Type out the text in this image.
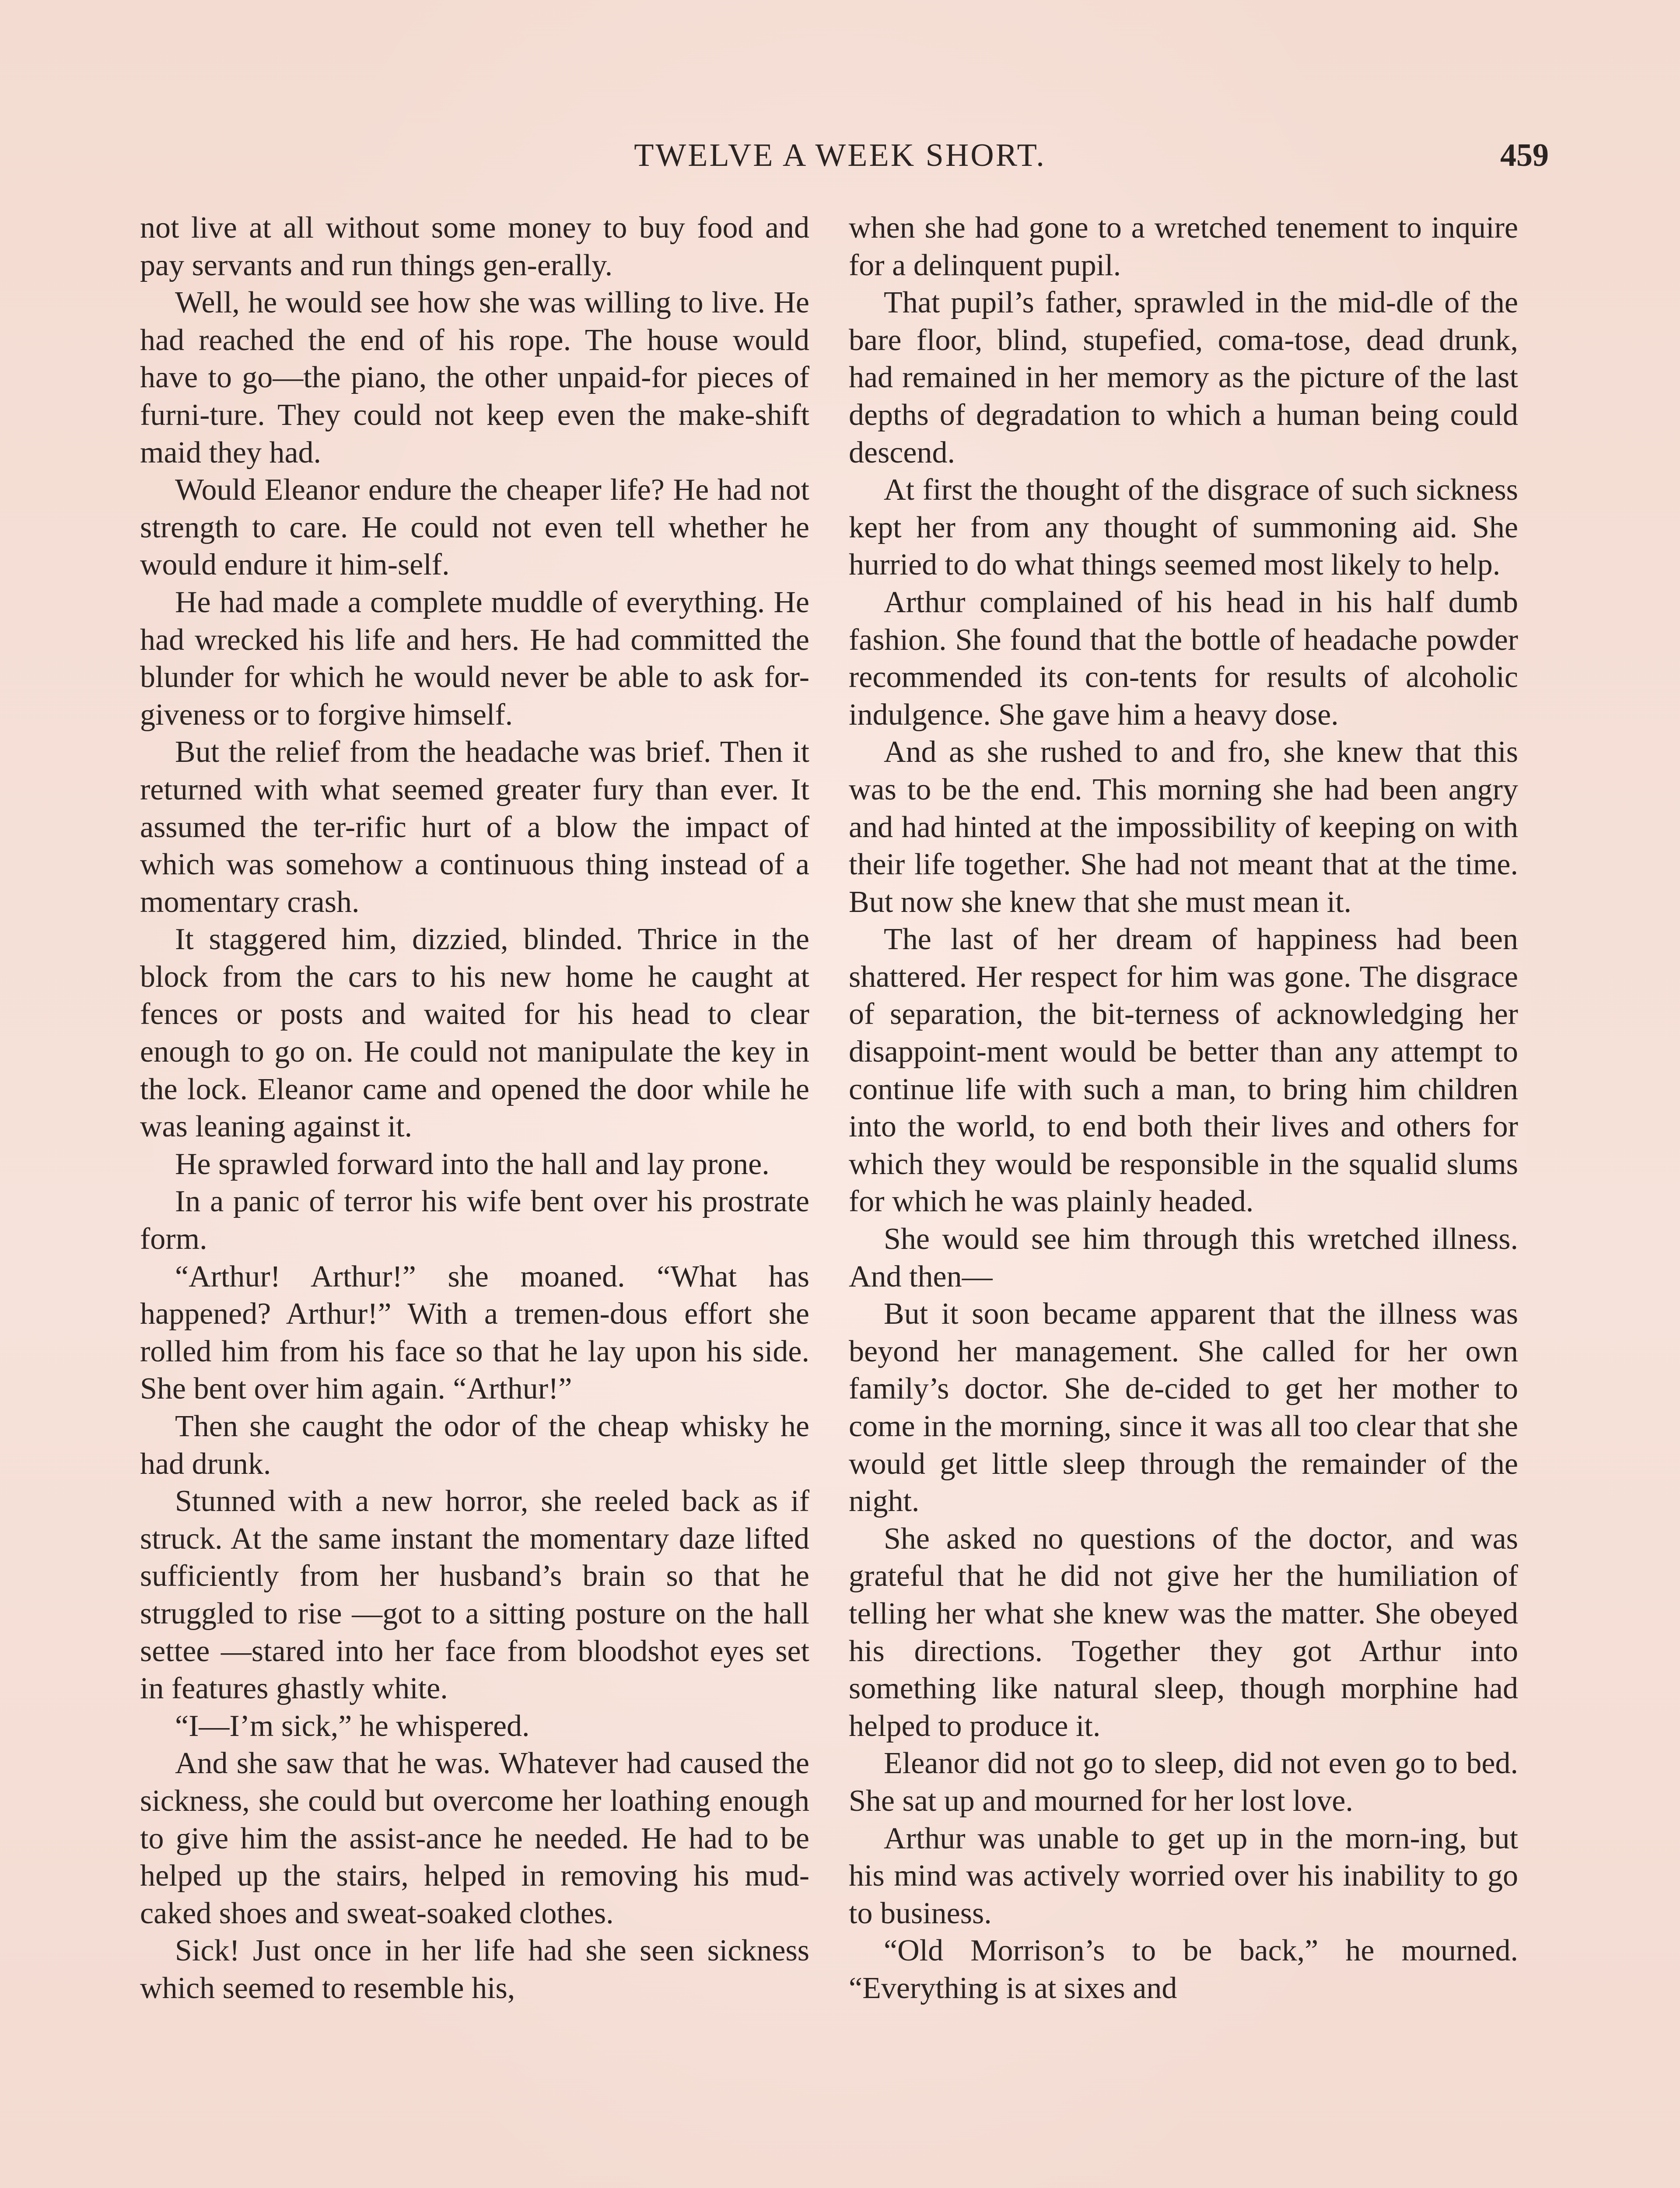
TWELVE A WEEK SHORT.	459

not live at all without some money to buy food and pay servants and run things gen-erally.

Well, he would see how she was willing to live. He had reached the end of his rope. The house would have to go—the piano, the other unpaid-for pieces of furni-ture. They could not keep even the make-shift maid they had.

Would Eleanor endure the cheaper life? He had not strength to care. He could not even tell whether he would endure it him-self.

He had made a complete muddle of everything. He had wrecked his life and hers. He had committed the blunder for which he would never be able to ask for-giveness or to forgive himself.

But the relief from the headache was brief. Then it returned with what seemed greater fury than ever. It assumed the ter-rific hurt of a blow the impact of which was somehow a continuous thing instead of a momentary crash.

It staggered him, dizzied, blinded. Thrice in the block from the cars to his new home he caught at fences or posts and waited for his head to clear enough to go on. He could not manipulate the key in the lock. Eleanor came and opened the door while he was leaning against it.

He sprawled forward into the hall and lay prone.

In a panic of terror his wife bent over his prostrate form.

“Arthur! Arthur!” she moaned. “What has happened? Arthur!” With a tremen-dous effort she rolled him from his face so that he lay upon his side. She bent over him again. “Arthur!”

Then she caught the odor of the cheap whisky he had drunk.

Stunned with a new horror, she reeled back as if struck. At the same instant the momentary daze lifted sufficiently from her husband’s brain so that he struggled to rise —got to a sitting posture on the hall settee —stared into her face from bloodshot eyes set in features ghastly white.

“I—I’m sick,” he whispered.

And she saw that he was. Whatever had caused the sickness, she could but overcome her loathing enough to give him the assist-ance he needed. He had to be helped up the stairs, helped in removing his mud-caked shoes and sweat-soaked clothes.

Sick! Just once in her life had she seen sickness which seemed to resemble his,

when she had gone to a wretched tenement to inquire for a delinquent pupil.

That pupil’s father, sprawled in the mid-dle of the bare floor, blind, stupefied, coma-tose, dead drunk, had remained in her memory as the picture of the last depths of degradation to which a human being could descend.

At first the thought of the disgrace of such sickness kept her from any thought of summoning aid. She hurried to do what things seemed most likely to help.

Arthur complained of his head in his half dumb fashion. She found that the bottle of headache powder recommended its con-tents for results of alcoholic indulgence. She gave him a heavy dose.

And as she rushed to and fro, she knew that this was to be the end. This morning she had been angry and had hinted at the impossibility of keeping on with their life together. She had not meant that at the time. But now she knew that she must mean it.

The last of her dream of happiness had been shattered. Her respect for him was gone. The disgrace of separation, the bit-terness of acknowledging her disappoint-ment would be better than any attempt to continue life with such a man, to bring him children into the world, to end both their lives and others for which they would be responsible in the squalid slums for which he was plainly headed.

She would see him through this wretched illness. And then—

But it soon became apparent that the illness was beyond her management. She called for her own family’s doctor. She de-cided to get her mother to come in the morning, since it was all too clear that she would get little sleep through the remainder of the night.

She asked no questions of the doctor, and was grateful that he did not give her the humiliation of telling her what she knew was the matter. She obeyed his directions. Together they got Arthur into something like natural sleep, though morphine had helped to produce it.

Eleanor did not go to sleep, did not even go to bed. She sat up and mourned for her lost love.

Arthur was unable to get up in the morn-ing, but his mind was actively worried over his inability to go to business.

“Old Morrison’s to be back,” he mourned. “Everything is at sixes and
